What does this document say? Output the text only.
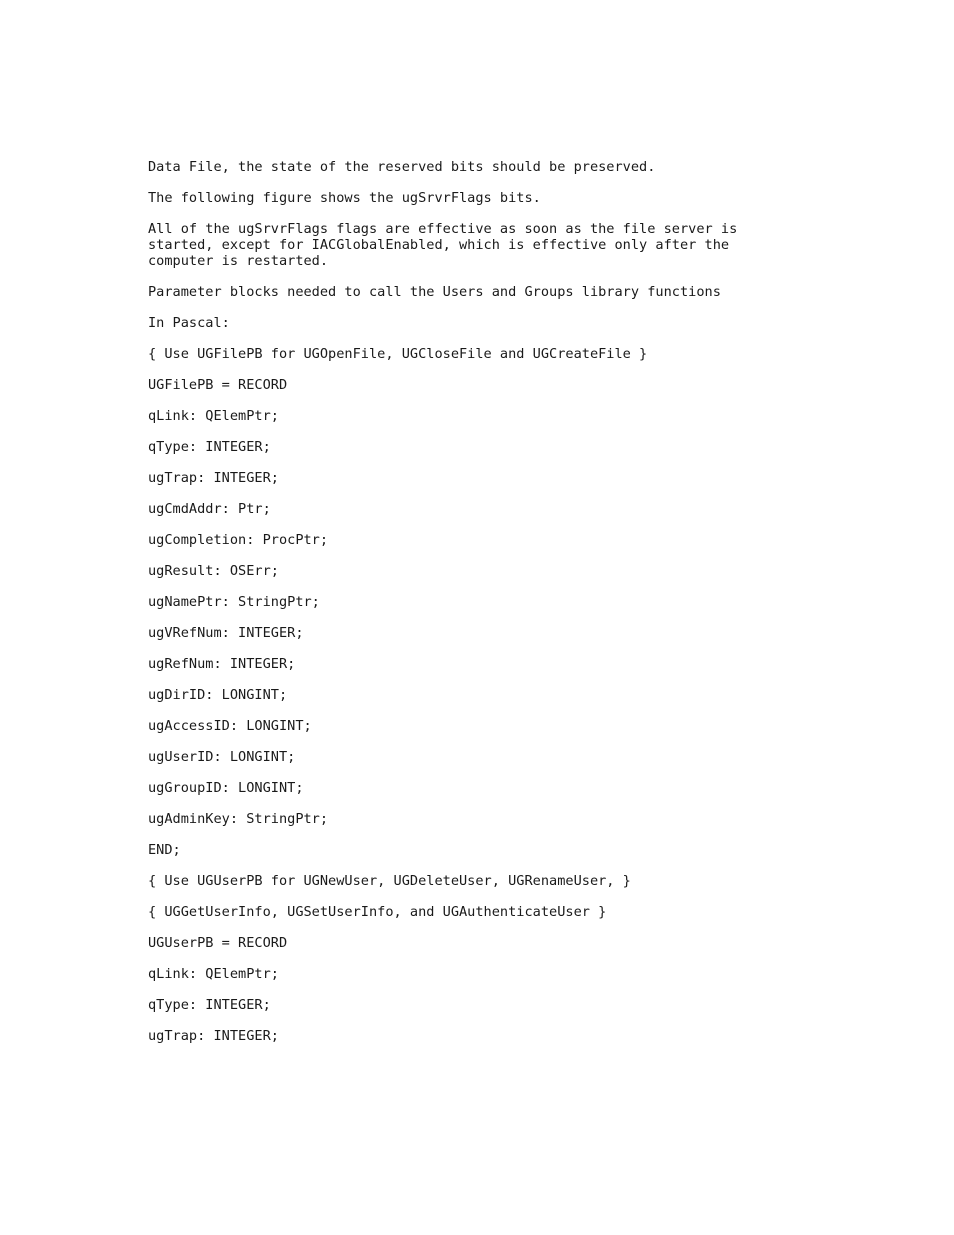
Data File, the state of the reserved bits should be preserved.

The following figure shows the ugSrvrFlags bits.

All of the ugSrvrFlags flags are effective as soon as the file server is
started, except for IACGlobalEnabled, which is effective only after the
computer is restarted.

Parameter blocks needed to call the Users and Groups library functions

In Pascal:

{ Use UGFilePB for UGOpenFile, UGCloseFile and UGCreateFile }

UGFilePB = RECORD

qLink: QElemPtr;

qType: INTEGER;

ugTrap: INTEGER;

ugCmdAddr: Ptr;

ugCompletion: ProcPtr;

ugResult: OSErr;

ugNamePtr: StringPtr;

ugVRefNum: INTEGER;

ugRefNum: INTEGER;

ugDirID: LONGINT;

ugAccessID: LONGINT;

ugUserID: LONGINT;

ugGroupID: LONGINT;

ugAdminKey: StringPtr;

END;

{ Use UGUserPB for UGNewUser, UGDeleteUser, UGRenameUser, }

{ UGGetUserInfo, UGSetUserInfo, and UGAuthenticateUser }

UGUserPB = RECORD

qLink: QElemPtr;

qType: INTEGER;

ugTrap: INTEGER;
